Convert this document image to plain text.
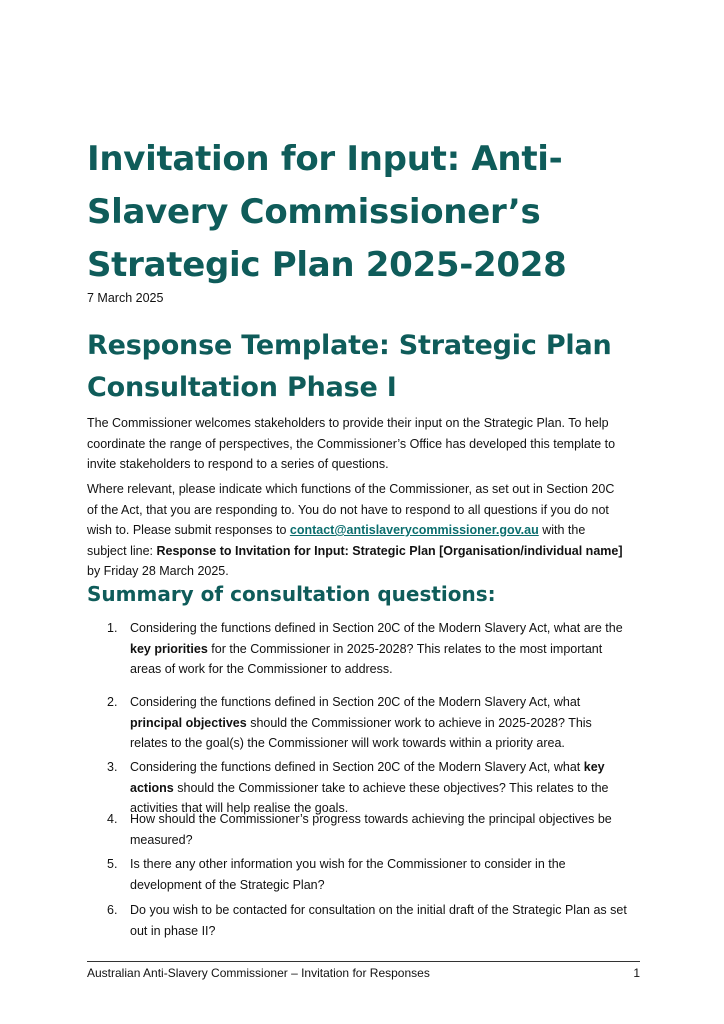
Invitation for Input: Anti-
Slavery Commissioner’s
Strategic Plan 2025-2028

7 March 2025

Response Template: Strategic Plan
Consultation Phase I

The Commissioner welcomes stakeholders to provide their input on the Strategic Plan. To help
coordinate the range of perspectives, the Commissioner’s Office has developed this template to
invite stakeholders to respond to a series of questions.

Where relevant, please indicate which functions of the Commissioner, as set out in Section 20C
of the Act, that you are responding to. You do not have to respond to all questions if you do not
wish to. Please submit responses to contact@antislaverycommissioner.gov.au with the
subject line: Response to Invitation for Input: Strategic Plan [Organisation/individual name]
by Friday 28 March 2025.

Summary of consultation questions:
1. Considering the functions defined in Section 20C of the Modern Slavery Act, what are the
key priorities for the Commissioner in 2025-2028? This relates to the most important
areas of work for the Commissioner to address.
2. Considering the functions defined in Section 20C of the Modern Slavery Act, what
principal objectives should the Commissioner work to achieve in 2025-2028? This
relates to the goal(s) the Commissioner will work towards within a priority area.
3. Considering the functions defined in Section 20C of the Modern Slavery Act, what key
actions should the Commissioner take to achieve these objectives? This relates to the
activities that will help realise the goals.
4. How should the Commissioner’s progress towards achieving the principal objectives be
measured?
5. Is there any other information you wish for the Commissioner to consider in the
development of the Strategic Plan?
6. Do you wish to be contacted for consultation on the initial draft of the Strategic Plan as set
out in phase II?
Australian Anti-Slavery Commissioner – Invitation for Responses	1
